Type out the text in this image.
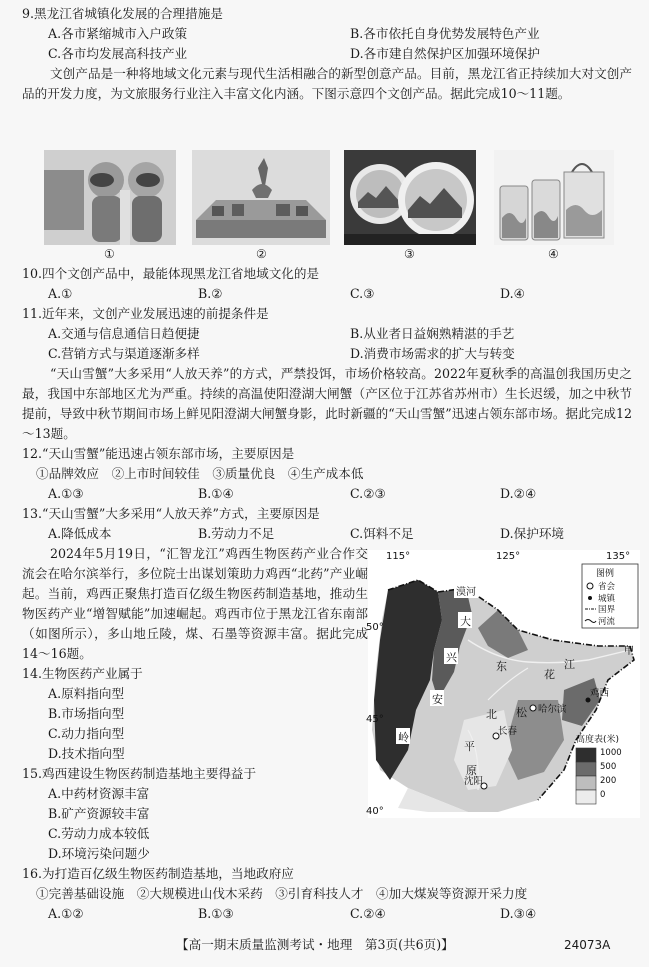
9.黑龙江省城镇化发展的合理措施是
A.各市紧缩城市入户政策	B.各市依托自身优势发展特色产业
C.各市均发展高科技产业	D.各市建自然保护区加强环境保护
文创产品是一种将地域文化元素与现代生活相融合的新型创意产品。目前，黑龙江省正持续加大对文创产品的开发力度，为文旅服务行业注入丰富文化内涵。下图示意四个文创产品。据此完成10～11题。
①	②	③	④
10.四个文创产品中，最能体现黑龙江省地域文化的是
A.①	B.②	C.③	D.④
11.近年来，文创产业发展迅速的前提条件是
A.交通与信息通信日趋便捷	B.从业者日益娴熟精湛的手艺
C.营销方式与渠道逐渐多样	D.消费市场需求的扩大与转变
“天山雪蟹”大多采用“人放天养”的方式，严禁投饵，市场价格较高。2022年夏秋季的高温创我国历史之最，我国中东部地区尤为严重。持续的高温使阳澄湖大闸蟹（产区位于江苏省苏州市）生长迟缓，加之中秋节提前，导致中秋节期间市场上鲜见阳澄湖大闸蟹身影，此时新疆的“天山雪蟹”迅速占领东部市场。据此完成12～13题。
12.“天山雪蟹”能迅速占领东部市场，主要原因是
①品牌效应　②上市时间较佳　③质量优良　④生产成本低
A.①③	B.①④	C.②③	D.②④
13.“天山雪蟹”大多采用“人放天养”方式，主要原因是
A.降低成本	B.劳动力不足	C.饵料不足	D.保护环境
2024年5月19日，“汇智龙江”鸡西生物医药产业合作交流会在哈尔滨举行，多位院士出谋划策助力鸡西“北药”产业崛起。当前，鸡西正聚焦打造百亿级生物医药制造基地，推动生物医药产业“增智赋能”加速崛起。鸡西市位于黑龙江省东南部（如图所示），多山地丘陵，煤、石墨等资源丰富。据此完成14～16题。
14.生物医药产业属于
A.原料指向型
B.市场指向型
C.动力指向型
D.技术指向型
15.鸡西建设生物医药制造基地主要得益于
A.中药材资源丰富
B.矿产资源较丰富
C.劳动力成本较低
D.环境污染问题少
16.为打造百亿级生物医药制造基地，当地政府应
①完善基础设施　②大规模进山伐木采药　③引育科技人才　④加大煤炭等资源开采力度
A.①②	B.①③	C.②④	D.③④
115°	125°	135°
50°
45°
40°
漠河
大
兴
安
岭
东
北 松
花
江
哈尔滨
长春
平
原
沈阳
鸡西
甲
图例
省会
城镇
国界
河流
高度表(米)
1000
500
200
0
【高一期末质量监测考试・地理　第3页(共6页)】	24073A
